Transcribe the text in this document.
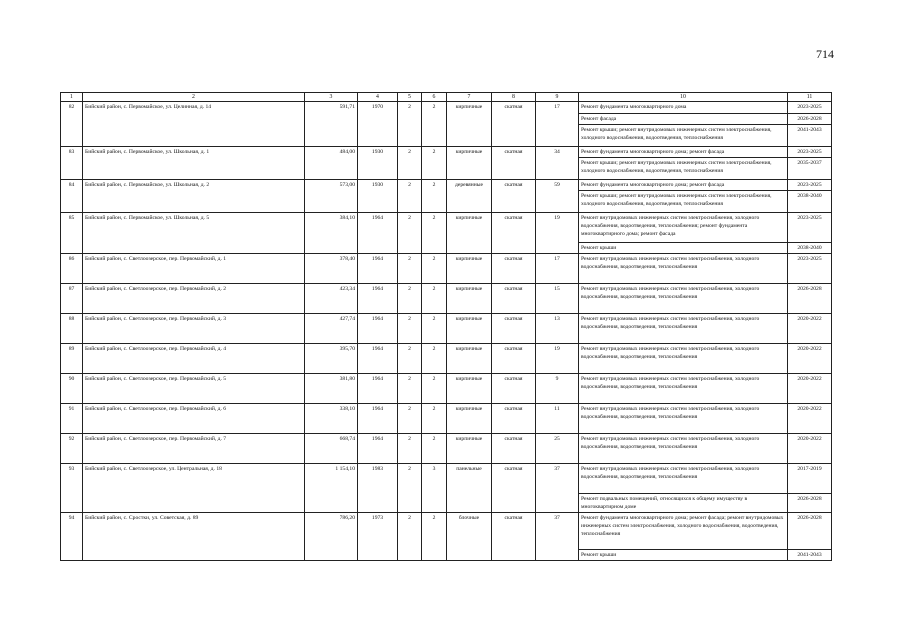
714
1	2	3	4	5	6	7	8	9	10	11
82	Бийский район, с. Первомайское, ул. Целинная, д. 14	591,71	1970	2	2	кирпичные	скатная	17	Ремонт фундамента многоквартирного дома	2023-2025
									Ремонт фасада	2026-2028
									Ремонт крыши; ремонт внутридомовых инженерных систем электроснабжения, холодного водоснабжения, водоотведения, теплоснабжения	2041-2043
83	Бийский район, с. Первомайское, ул. Школьная, д. 1	484,00	1930	2	2	кирпичные	скатная	34	Ремонт фундамента многоквартирного дома; ремонт фасада	2023-2025
									Ремонт крыши; ремонт внутридомовых инженерных систем электроснабжения, холодного водоснабжения, водоотведения, теплоснабжения	2035-2037
84	Бийский район, с. Первомайское, ул. Школьная, д. 2	573,00	1930	2	2	деревянные	скатная	59	Ремонт фундамента многоквартирного дома; ремонт фасада	2023-2025
									Ремонт крыши; ремонт внутридомовых инженерных систем электроснабжения, холодного водоснабжения, водоотведения, теплоснабжения	2038-2040
85	Бийский район, с. Первомайское, ул. Школьная, д. 5	384,10	1964	2	2	кирпичные	скатная	19	Ремонт внутридомовых инженерных систем электроснабжения, холодного водоснабжения, водоотведения, теплоснабжения; ремонт фундамента многоквартирного дома; ремонт фасада	2023-2025
									Ремонт крыши	2038-2040
86	Бийский район, с. Светлоозерское, пер. Первомайский, д. 1	378,40	1964	2	2	кирпичные	скатная	17	Ремонт внутридомовых инженерных систем электроснабжения, холодного водоснабжения, водоотведения, теплоснабжения	2023-2025
87	Бийский район, с. Светлоозерское, пер. Первомайский, д. 2	423,34	1964	2	2	кирпичные	скатная	15	Ремонт внутридомовых инженерных систем электроснабжения, холодного водоснабжения, водоотведения, теплоснабжения	2026-2028
88	Бийский район, с. Светлоозерское, пер. Первомайский, д. 3	427,74	1964	2	2	кирпичные	скатная	13	Ремонт внутридомовых инженерных систем электроснабжения, холодного водоснабжения, водоотведения, теплоснабжения	2020-2022
89	Бийский район, с. Светлоозерское, пер. Первомайский, д. 4	395,70	1964	2	2	кирпичные	скатная	19	Ремонт внутридомовых инженерных систем электроснабжения, холодного водоснабжения, водоотведения, теплоснабжения	2020-2022
90	Бийский район, с. Светлоозерское, пер. Первомайский, д. 5	381,80	1964	2	2	кирпичные	скатная	9	Ремонт внутридомовых инженерных систем электроснабжения, холодного водоснабжения, водоотведения, теплоснабжения	2020-2022
91	Бийский район, с. Светлоозерское, пер. Первомайский, д. 6	338,10	1964	2	2	кирпичные	скатная	11	Ремонт внутридомовых инженерных систем электроснабжения, холодного водоснабжения, водоотведения, теплоснабжения	2020-2022
92	Бийский район, с. Светлоозерское, пер. Первомайский, д. 7	668,74	1964	2	2	кирпичные	скатная	25	Ремонт внутридомовых инженерных систем электроснабжения, холодного водоснабжения, водоотведения, теплоснабжения	2020-2022
93	Бийский район, с. Светлоозерское, ул. Центральная, д. 18	1 154,10	1983	2	3	панельные	скатная	37	Ремонт внутридомовых инженерных систем электроснабжения, холодного водоснабжения, водоотведения, теплоснабжения	2017-2019
									Ремонт подвальных помещений, относящихся к общему имуществу в многоквартирном доме	2026-2028
94	Бийский район, с. Сростки, ул. Советская, д. 89	786,20	1973	2	2	блочные	скатная	37	Ремонт фундамента многоквартирного дома; ремонт фасада; ремонт внутридомовых инженерных систем электроснабжения, холодного водоснабжения, водоотведения, теплоснабжения	2026-2028
									Ремонт крыши	2041-2043
